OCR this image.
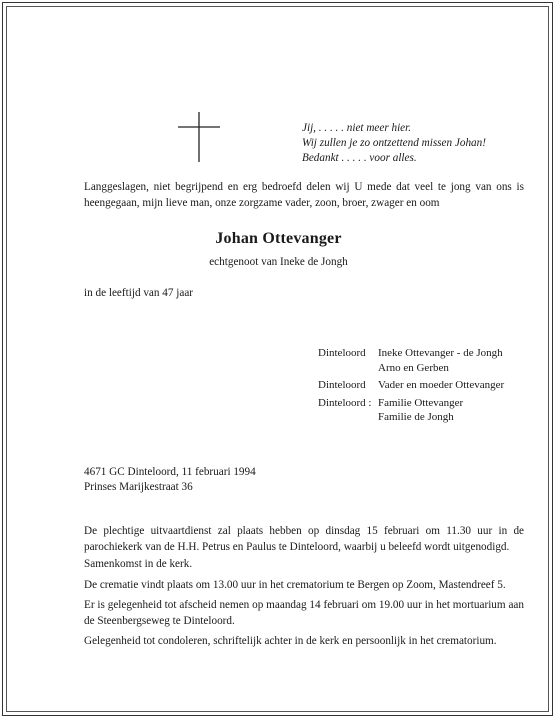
Jij, . . . . . niet meer hier.
Wij zullen je zo ontzettend missen Johan!
Bedankt . . . . . voor alles.
Langgeslagen, niet begrijpend en erg bedroefd delen wij U mede dat veel te jong van ons is heengegaan, mijn lieve man, onze zorgzame vader, zoon, broer, zwager en oom
Johan Ottevanger
echtgenoot van Ineke de Jongh
in de leeftijd van 47 jaar
Dinteloord	Ineke Ottevanger - de Jongh
Arno en Gerben
Dinteloord	Vader en moeder Ottevanger
Dinteloord : Familie Ottevanger
Familie de Jongh
4671 GC Dinteloord, 11 februari 1994
Prinses Marijkestraat 36

De plechtige uitvaartdienst zal plaats hebben op dinsdag 15 februari om 11.30 uur in de parochiekerk van de H.H. Petrus en Paulus te Dinteloord, waarbij u beleefd wordt uitgenodigd.

Samenkomst in de kerk.

De crematie vindt plaats om 13.00 uur in het crematorium te Bergen op Zoom, Mastendreef 5.

Er is gelegenheid tot afscheid nemen op maandag 14 februari om 19.00 uur in het mortuarium aan de Steenbergseweg te Dinteloord.

Gelegenheid tot condoleren, schriftelijk achter in de kerk en persoonlijk in het crematorium.
